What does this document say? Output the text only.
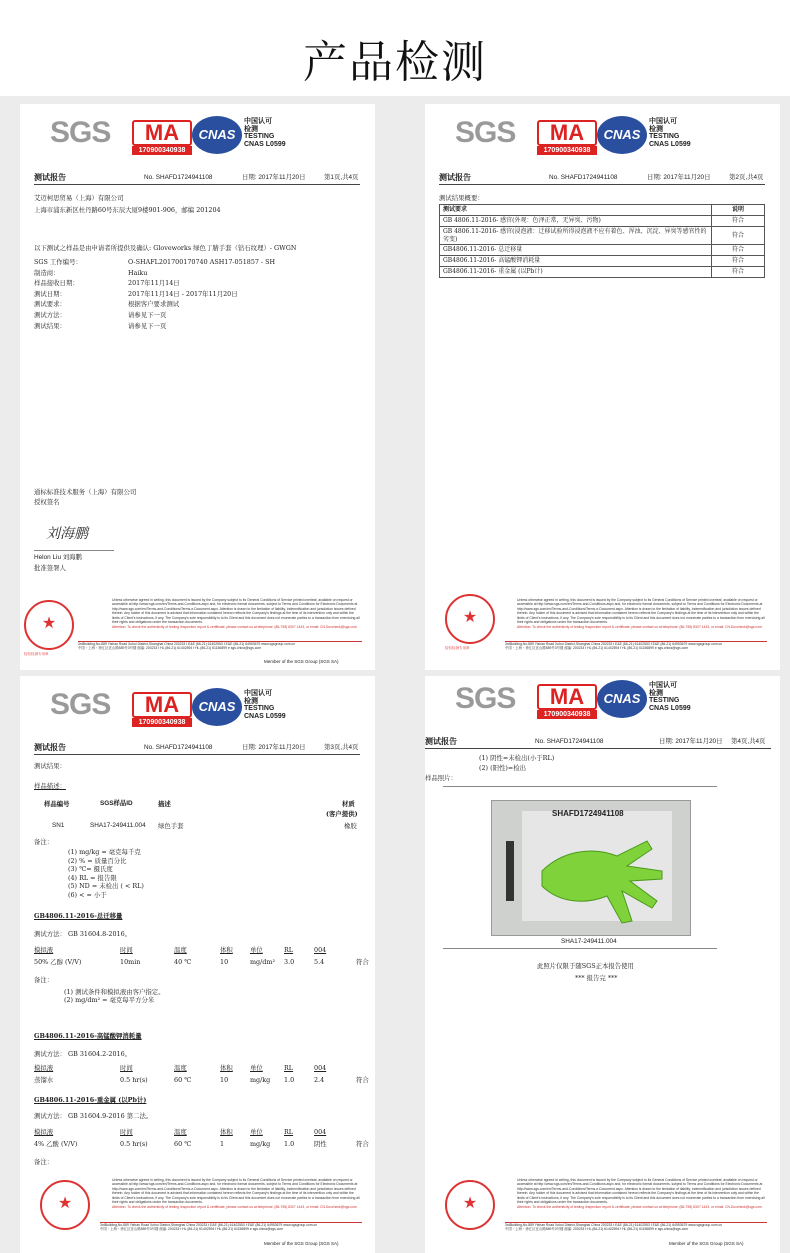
产品检测
SGS	MA
170900340938
CNAS
中国认可
检测
TESTING
CNAS L0599
测试报告	No. SHAFD1724941108	日期: 2017年11月20日	第1页,共4页
艾迈柯思贸易（上海）有限公司
上海市浦东新区杜丹路60号东辰大厦9楼901-906，邮编 201204
以下测试之样品是由申请者所提供及确认: Gloveworks 绿色丁腈手套（钻石纹理）- GWGN
SGS 工作编号：	O-SHAFL201700170740 ASH17-051857 - SH
制造商：	Haiku
样品接收日期：	2017年11月14日
测试日期：	2017年11月14日 - 2017年11月20日
测试要求：	根据客户要求测试
测试方法：	请参见下一页
测试结果：	请参见下一页
通标标准技术服务（上海）有限公司
授权签名
刘海鹏
Helon Liu 刘海鹏
批准签署人
★
检验检测专用章
Unless otherwise agreed in writing, this document is issued by the Company subject to its General Conditions of Service printed overleaf, available on request or accessible at http://www.sgs.com/en/Terms-and-Conditions.aspx and, for electronic format documents, subject to Terms and Conditions for Electronic Documents at http://www.sgs.com/en/Terms-and-Conditions/Terms-e-Document.aspx. Attention is drawn to the limitation of liability, indemnification and jurisdiction issues defined therein. Any holder of this document is advised that information contained hereon reflects the Company's findings at the time of its intervention only and within the limits of Client's instructions, if any. The Company's sole responsibility is to its Client and this document does not exonerate parties to a transaction from exercising all their rights and obligations under the transaction documents.
Attention: To check the authenticity of testing /inspection report & certificate, please contact us at telephone: (86-755) 8307 1443, or email: CN.Doccheck@sgs.com
3rdBuilding,No.889 Yishan Road Xuhui District,Shanghai China 200233 t E&E (86-21) 61402553 f E&E (86-21) 64953679 www.sgsgroup.com.cn
中国・上海・徐汇区宜山路889号3号楼 邮编: 200233 t HL (86-21) 61402594 f HL (86-21) 61156899 e sgs.china@sgs.com
Member of the SGS Group (SGS SA)
SGS	MA
170900340938
CNAS
中国认可
检测
TESTING
CNAS L0599
测试报告	No. SHAFD1724941108	日期: 2017年11月20日	第2页,共4页
测试结果概要：
测试要求	说明
GB 4806.11-2016- 感官(外观：色泽正常，无异臭、污物)	符合
GB 4806.11-2016- 感官(浸泡液：迁移试验所得浸泡液不应有着色、浑浊、沉淀、异臭等感官性的劣变)	符合
GB4806.11-2016- 总迁移量	符合
GB4806.11-2016- 高锰酸钾消耗量	符合
GB4806.11-2016- 重金属 (以Pb计)	符合
★
检验检测专用章
Unless otherwise agreed in writing, this document is issued by the Company subject to its General Conditions of Service printed overleaf, available on request or accessible at http://www.sgs.com/en/Terms-and-Conditions.aspx and, for electronic format documents, subject to Terms and Conditions for Electronic Documents at http://www.sgs.com/en/Terms-and-Conditions/Terms-e-Document.aspx. Attention is drawn to the limitation of liability, indemnification and jurisdiction issues defined therein. Any holder of this document is advised that information contained hereon reflects the Company's findings at the time of its intervention only and within the limits of Client's instructions, if any. The Company's sole responsibility is to its Client and this document does not exonerate parties to a transaction from exercising all their rights and obligations under the transaction documents.
Attention: To check the authenticity of testing /inspection report & certificate, please contact us at telephone: (86-755) 8307 1443, or email: CN.Doccheck@sgs.com
3rdBuilding,No.889 Yishan Road Xuhui District,Shanghai China 200233 t E&E (86-21) 61402553 f E&E (86-21) 64953679 www.sgsgroup.com.cn
中国・上海・徐汇区宜山路889号3号楼 邮编: 200233 t HL (86-21) 61402594 f HL (86-21) 61156899 e sgs.china@sgs.com
SGS	MA
170900340938
CNAS
中国认可
检测
TESTING
CNAS L0599
测试报告	No. SHAFD1724941108	日期: 2017年11月20日	第3页,共4页
测试结果：
样品描述：
样品编号	SGS样品ID	描述	材质
(客户提供)
SN1	SHA17-249411.004 绿色手套	橡胶
备注：
(1) mg/kg = 毫克每千克
(2) % = 质量百分比
(3) ℃= 摄氏度
(4) RL = 报告限
(5) ND = 未检出 ( < RL)
(6) < = 小于
GB4806.11-2016-总迁移量
测试方法： GB 31604.8-2016。
模拟液	时间	温度	体积	单位	RL	004
50% 乙醇 (V/V)	10min	40 ℃	10	mg/dm² 3.0	5.4	符合
备注：
(1) 测试条件和模拟液由客户指定。
(2) mg/dm² = 毫克每平方分米
GB4806.11-2016-高锰酸钾消耗量
测试方法： GB 31604.2-2016。
模拟液	时间	温度	体积	单位	RL	004
蒸馏水	0.5 hr(s)	60 ℃	10	mg/kg 1.0	2.4	符合
GB4806.11-2016-重金属 (以Pb计)
测试方法： GB 31604.9-2016 第二法。
模拟液	时间	温度	体积	单位	RL	004
4% 乙酸 (V/V)	0.5 hr(s)	60 ℃	1	mg/kg 1.0	阴性	符合
备注：
★
Unless otherwise agreed in writing, this document is issued by the Company subject to its General Conditions of Service printed overleaf, available on request or accessible at http://www.sgs.com/en/Terms-and-Conditions.aspx and, for electronic format documents, subject to Terms and Conditions for Electronic Documents at http://www.sgs.com/en/Terms-and-Conditions/Terms-e-Document.aspx. Attention is drawn to the limitation of liability, indemnification and jurisdiction issues defined therein. Any holder of this document is advised that information contained hereon reflects the Company's findings at the time of its intervention only and within the limits of Client's instructions, if any. The Company's sole responsibility is to its Client and this document does not exonerate parties to a transaction from exercising all their rights and obligations under the transaction documents.
Attention: To check the authenticity of testing /inspection report & certificate, please contact us at telephone: (86-755) 8307 1443, or email: CN.Doccheck@sgs.com
3rdBuilding,No.889 Yishan Road Xuhui District,Shanghai China 200233 t E&E (86-21) 61402553 f E&E (86-21) 64953679 www.sgsgroup.com.cn
中国・上海・徐汇区宜山路889号3号楼 邮编: 200233 t HL (86-21) 61402594 f HL (86-21) 61156899 e sgs.china@sgs.com
Member of the SGS Group (SGS SA)
SGS	MA
170900340938
CNAS
中国认可
检测
TESTING
CNAS L0599
测试报告	No. SHAFD1724941108	日期: 2017年11月20日 第4页,共4页
(1) 阴性=未检出(小于RL)
(2) (阳性)=检出
样品照片：
SHAFD1724941108
SHA17-249411.004
此照片仅限于随SGS正本报告使用
*** 报告完 ***
★
Unless otherwise agreed in writing, this document is issued by the Company subject to its General Conditions of Service printed overleaf, available on request or accessible at http://www.sgs.com/en/Terms-and-Conditions.aspx and, for electronic format documents, subject to Terms and Conditions for Electronic Documents at http://www.sgs.com/en/Terms-and-Conditions/Terms-e-Document.aspx. Attention is drawn to the limitation of liability, indemnification and jurisdiction issues defined therein. Any holder of this document is advised that information contained hereon reflects the Company's findings at the time of its intervention only and within the limits of Client's instructions, if any. The Company's sole responsibility is to its Client and this document does not exonerate parties to a transaction from exercising all their rights and obligations under the transaction documents.
Attention: To check the authenticity of testing /inspection report & certificate, please contact us at telephone: (86-755) 8307 1443, or email: CN.Doccheck@sgs.com
3rdBuilding,No.889 Yishan Road Xuhui District,Shanghai China 200233 t E&E (86-21) 61402553 f E&E (86-21) 64953679 www.sgsgroup.com.cn
中国・上海・徐汇区宜山路889号3号楼 邮编: 200233 t HL (86-21) 61402594 f HL (86-21) 61156899 e sgs.china@sgs.com
Member of the SGS Group (SGS SA)
